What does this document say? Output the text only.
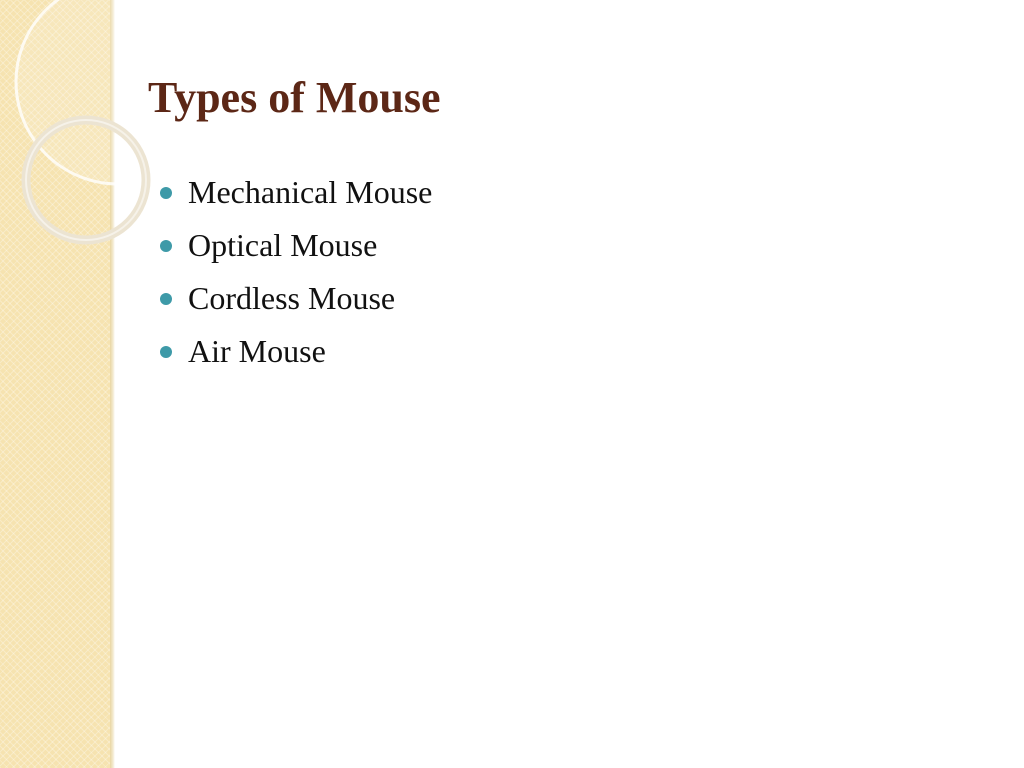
Types of Mouse
Mechanical Mouse
Optical Mouse
Cordless Mouse
Air Mouse
